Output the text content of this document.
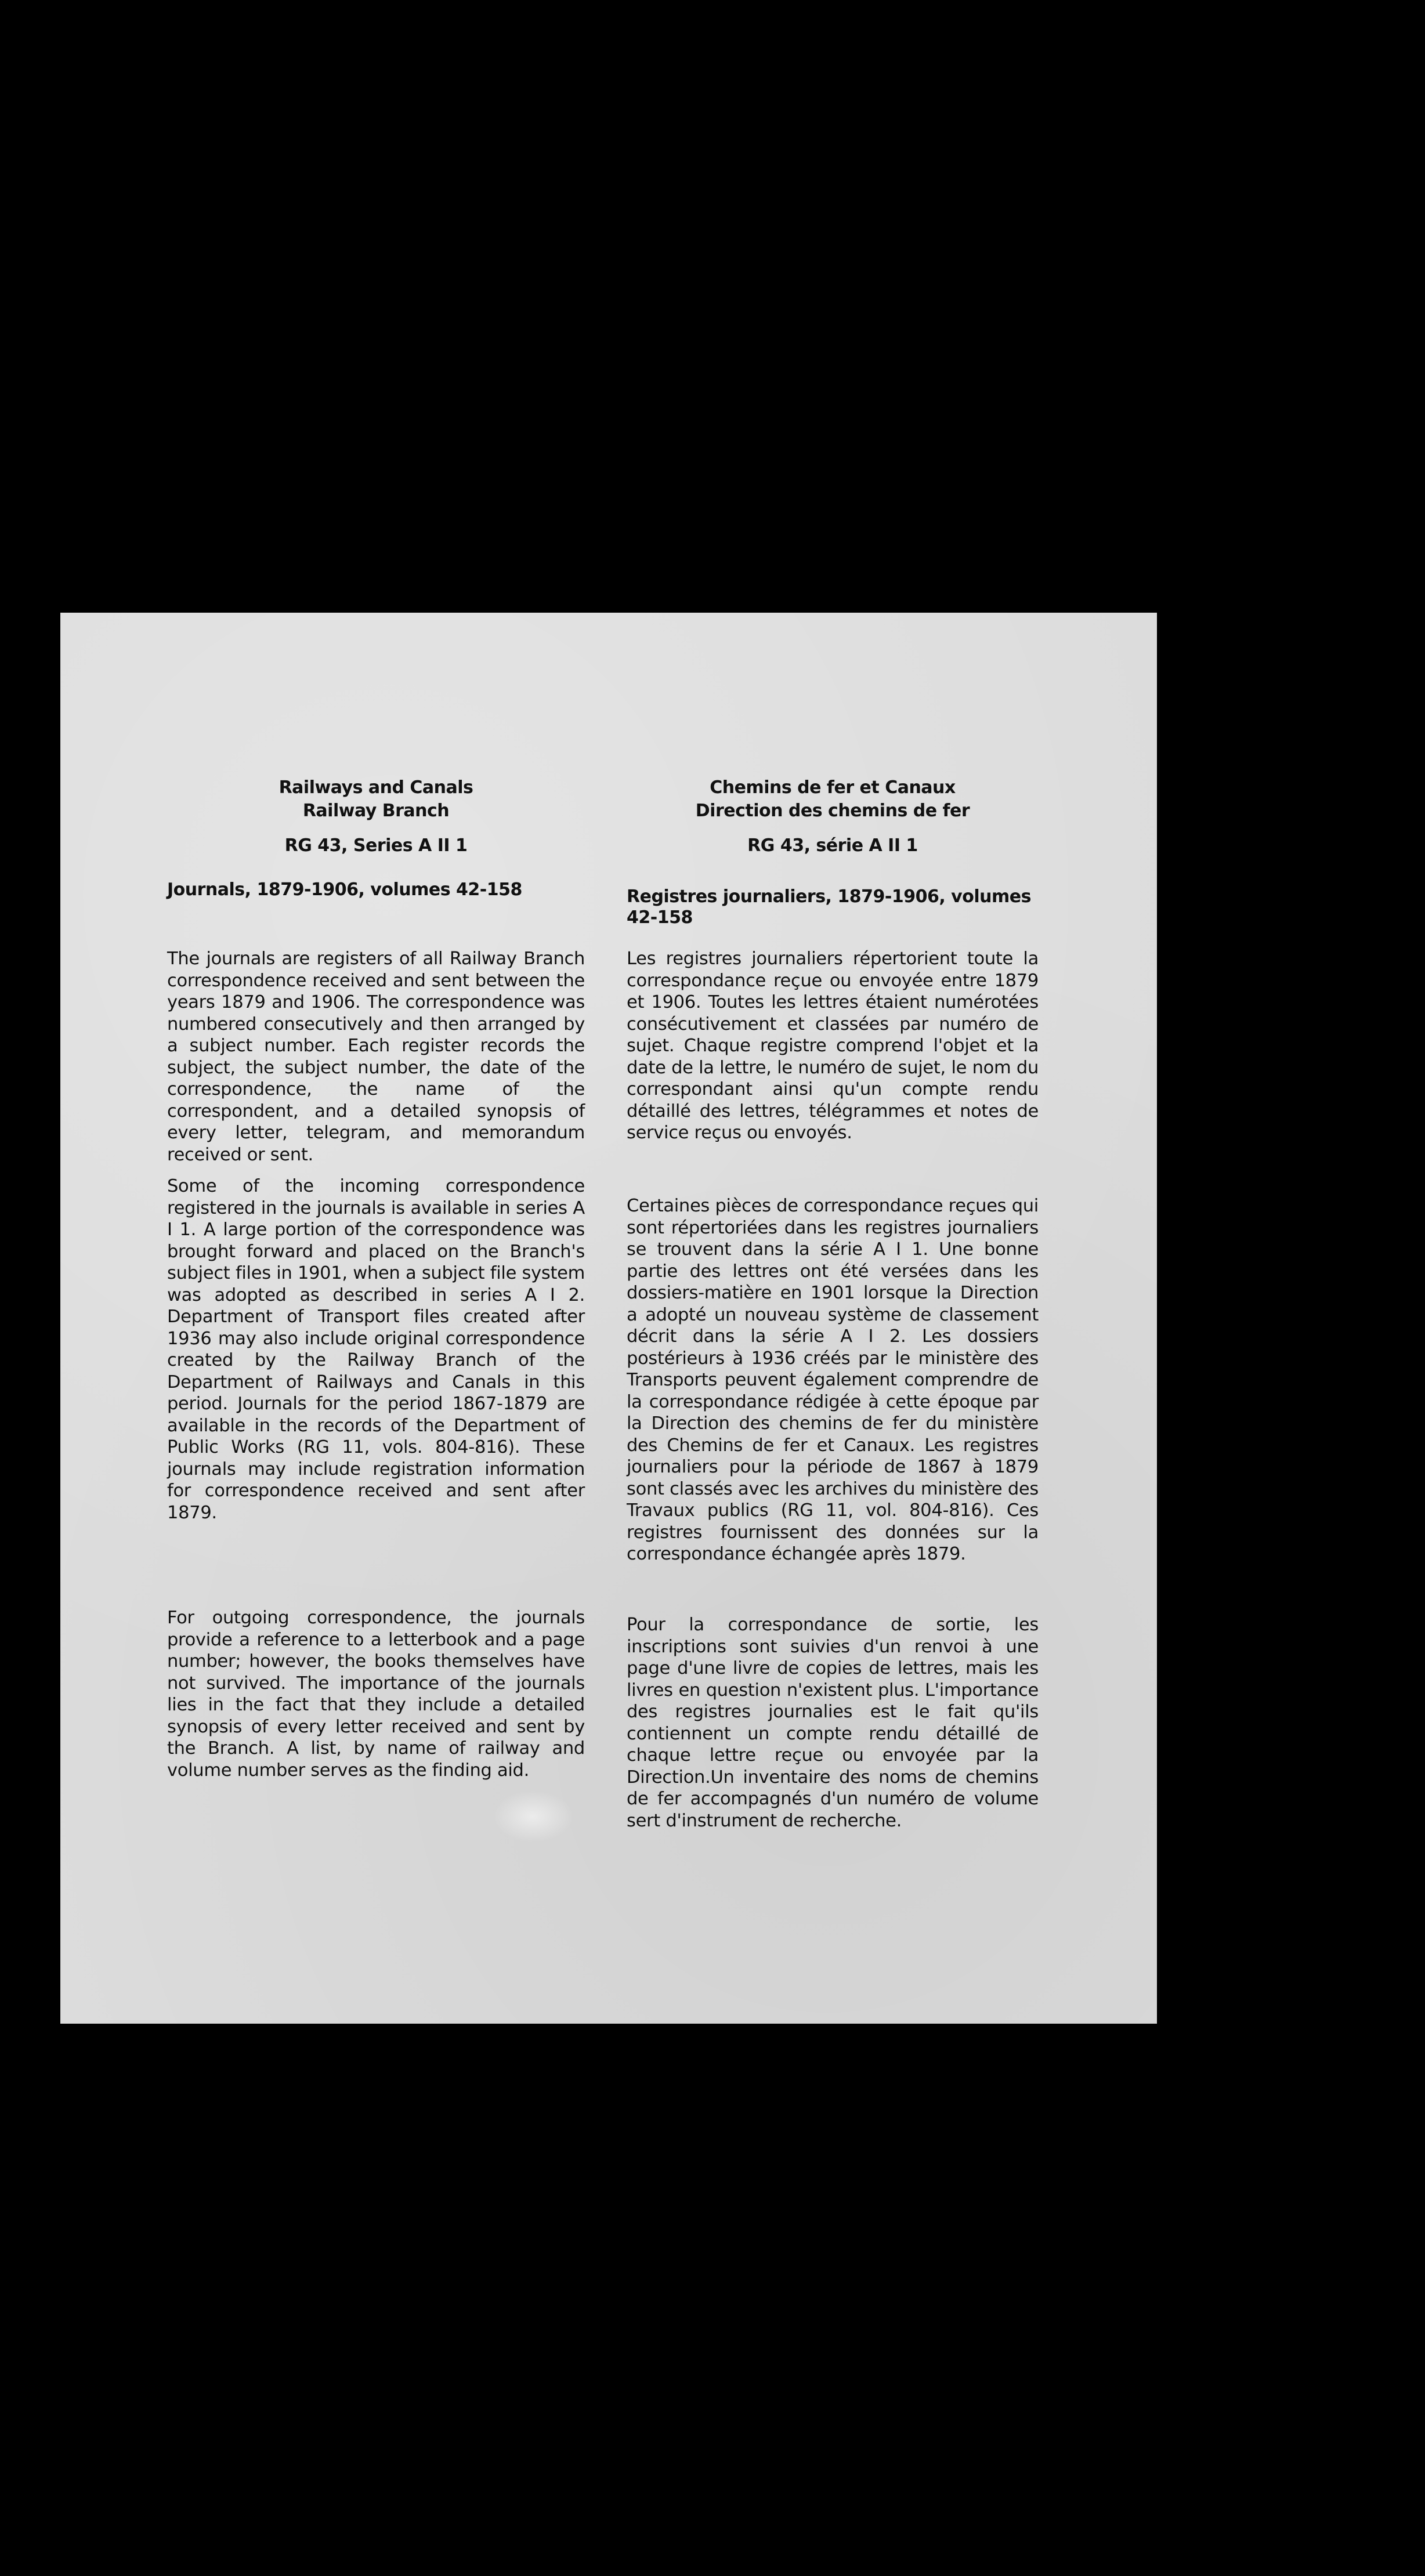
Railways and Canals
Railway Branch
RG 43, Series A II 1
Journals, 1879-1906, volumes 42-158

The journals are registers of all Railway Branch correspondence received and sent between the years 1879 and 1906. The correspondence was numbered consecutively and then arranged by a subject number. Each register records the subject, the subject number, the date of the correspondence, the name of the correspondent, and a detailed synopsis of every letter, telegram, and memorandum received or sent.

Some of the incoming correspondence registered in the journals is available in series A I 1. A large portion of the correspondence was brought forward and placed on the Branch's subject files in 1901, when a subject file system was adopted as described in series A I 2. Department of Transport files created after 1936 may also include original correspondence created by the Railway Branch of the Department of Railways and Canals in this period. Journals for the period 1867-1879 are available in the records of the Department of Public Works (RG 11, vols. 804-816). These journals may include registration information for correspondence received and sent after 1879.

For outgoing correspondence, the journals provide a reference to a letterbook and a page number; however, the books themselves have not survived. The importance of the journals lies in the fact that they include a detailed synopsis of every letter received and sent by the Branch. A list, by name of railway and volume number serves as the finding aid.

Chemins de fer et Canaux
Direction des chemins de fer
RG 43, série A II 1
Registres journaliers, 1879-1906, volumes 42-158

Les registres journaliers répertorient toute la correspondance reçue ou envoyée entre 1879 et 1906. Toutes les lettres étaient numérotées consécutivement et classées par numéro de sujet. Chaque registre comprend l'objet et la date de la lettre, le numéro de sujet, le nom du correspondant ainsi qu'un compte rendu détaillé des lettres, télégrammes et notes de service reçus ou envoyés.

Certaines pièces de correspondance reçues qui sont répertoriées dans les registres journaliers se trouvent dans la série A I 1. Une bonne partie des lettres ont été versées dans les dossiers-matière en 1901 lorsque la Direction a adopté un nouveau système de classement décrit dans la série A I 2. Les dossiers postérieurs à 1936 créés par le ministère des Transports peuvent également comprendre de la correspondance rédigée à cette époque par la Direction des chemins de fer du ministère des Chemins de fer et Canaux. Les registres journaliers pour la période de 1867 à 1879 sont classés avec les archives du ministère des Travaux publics (RG 11, vol. 804-816). Ces registres fournissent des données sur la correspondance échangée après 1879.

Pour la correspondance de sortie, les inscriptions sont suivies d'un renvoi à une page d'une livre de copies de lettres, mais les livres en question n'existent plus. L'importance des registres journalies est le fait qu'ils contiennent un compte rendu détaillé de chaque lettre reçue ou envoyée par la Direction.Un inventaire des noms de chemins de fer accompagnés d'un numéro de volume sert d'instrument de recherche.
